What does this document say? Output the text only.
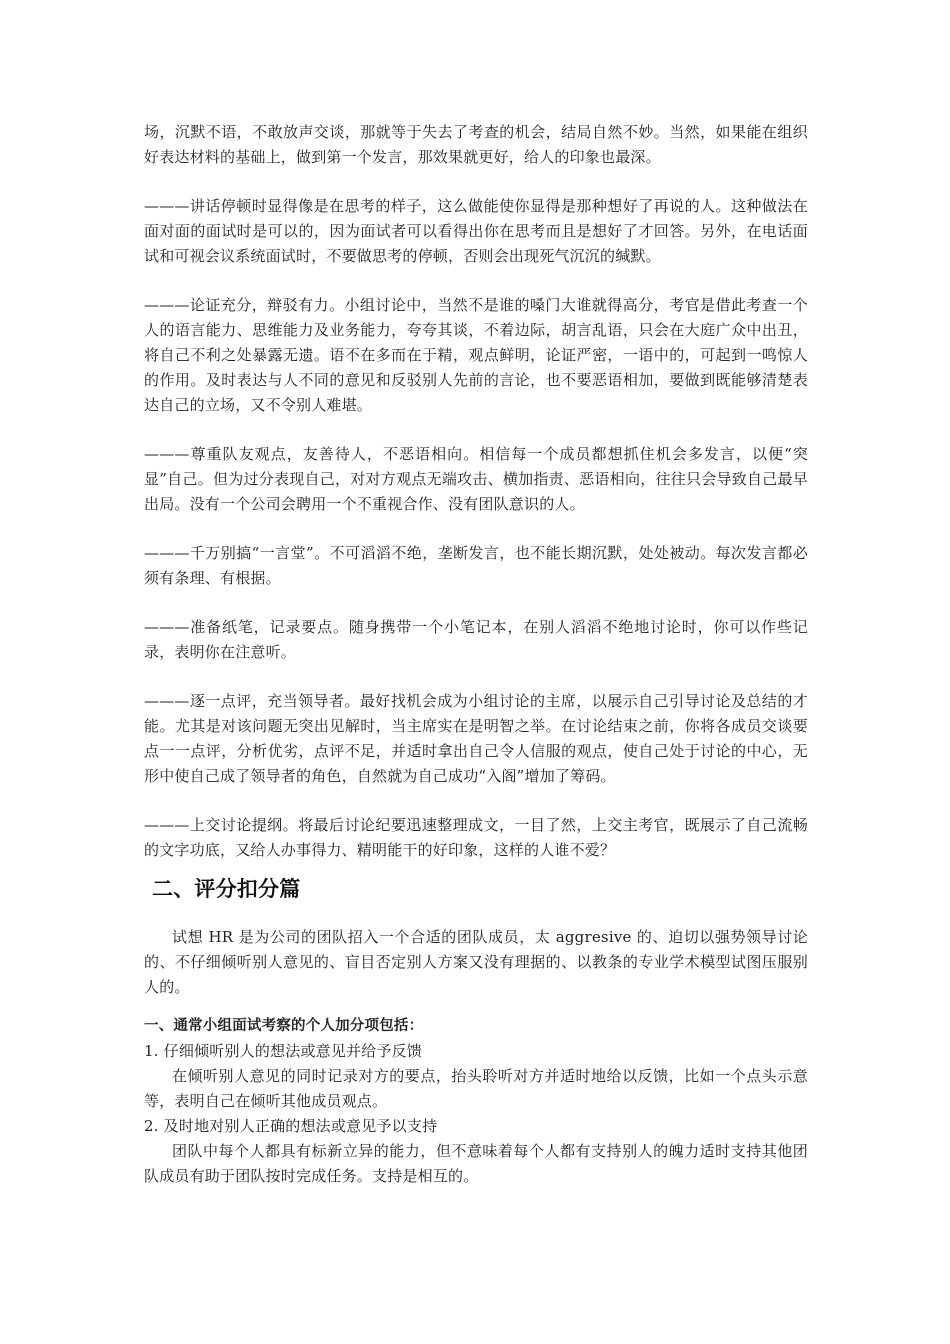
场，沉默不语，不敢放声交谈，那就等于失去了考查的机会，结局自然不妙。当然，如果能在组织好表达材料的基础上，做到第一个发言，那效果就更好，给人的印象也最深。

———讲话停顿时显得像是在思考的样子，这么做能使你显得是那种想好了再说的人。这种做法在面对面的面试时是可以的，因为面试者可以看得出你在思考而且是想好了才回答。另外，在电话面试和可视会议系统面试时，不要做思考的停顿，否则会出现死气沉沉的缄默。

———论证充分，辩驳有力。小组讨论中，当然不是谁的嗓门大谁就得高分，考官是借此考查一个人的语言能力、思维能力及业务能力，夸夸其谈，不着边际，胡言乱语，只会在大庭广众中出丑，将自己不利之处暴露无遗。语不在多而在于精，观点鲜明，论证严密，一语中的，可起到一鸣惊人的作用。及时表达与人不同的意见和反驳别人先前的言论，也不要恶语相加，要做到既能够清楚表达自己的立场，又不令别人难堪。

———尊重队友观点，友善待人，不恶语相向。相信每一个成员都想抓住机会多发言，以便“突显”自己。但为过分表现自己，对对方观点无端攻击、横加指责、恶语相向，往往只会导致自己最早出局。没有一个公司会聘用一个不重视合作、没有团队意识的人。

———千万别搞“一言堂”。不可滔滔不绝，垄断发言，也不能长期沉默，处处被动。每次发言都必须有条理、有根据。

———准备纸笔，记录要点。随身携带一个小笔记本，在别人滔滔不绝地讨论时，你可以作些记录，表明你在注意听。

———逐一点评，充当领导者。最好找机会成为小组讨论的主席，以展示自己引导讨论及总结的才能。尤其是对该问题无突出见解时，当主席实在是明智之举。在讨论结束之前，你将各成员交谈要点一一点评，分析优劣，点评不足，并适时拿出自己令人信服的观点，使自己处于讨论的中心，无形中使自己成了领导者的角色，自然就为自己成功“入阁”增加了筹码。

———上交讨论提纲。将最后讨论纪要迅速整理成文，一目了然，上交主考官，既展示了自己流畅的文字功底，又给人办事得力、精明能干的好印象，这样的人谁不爱？

二、评分扣分篇

试想 HR 是为公司的团队招入一个合适的团队成员，太 aggresive 的、迫切以强势领导讨论的、不仔细倾听别人意见的、盲目否定别人方案又没有理据的、以教条的专业学术模型试图压服别人的。

一、通常小组面试考察的个人加分项包括：

1. 仔细倾听别人的想法或意见并给予反馈

在倾听别人意见的同时记录对方的要点，抬头聆听对方并适时地给以反馈，比如一个点头示意等，表明自己在倾听其他成员观点。

2. 及时地对别人正确的想法或意见予以支持

团队中每个人都具有标新立异的能力，但不意味着每个人都有支持别人的魄力适时支持其他团队成员有助于团队按时完成任务。支持是相互的。
